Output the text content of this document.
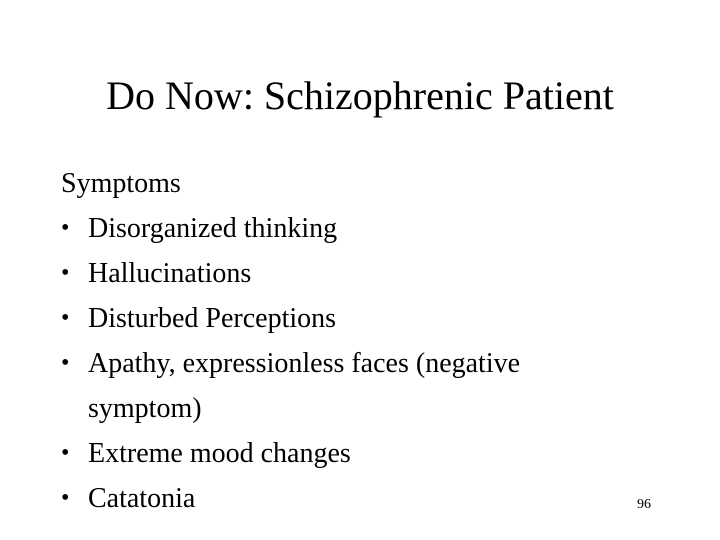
Do Now: Schizophrenic Patient
Symptoms
• Disorganized thinking
• Hallucinations
• Disturbed Perceptions
• Apathy, expressionless faces (negative symptom)
• Extreme mood changes
• Catatonia	96
